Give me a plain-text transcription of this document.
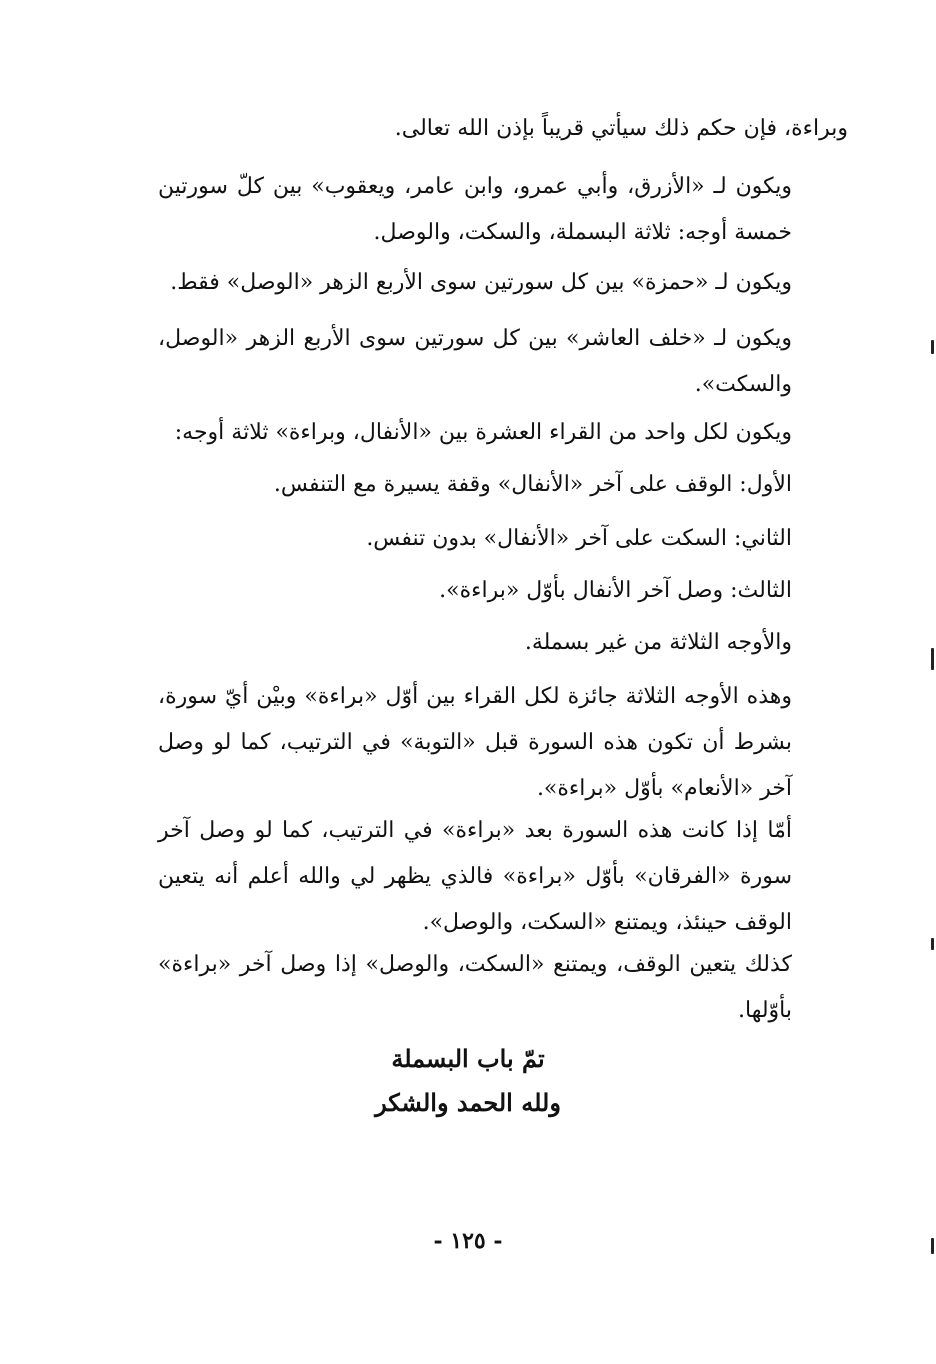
وبراءة، فإن حكم ذلك سيأتي قريباً بإذن الله تعالى.
ويكون لـ «الأزرق، وأبي عمرو، وابن عامر، ويعقوب» بين كلّ سورتين خمسة أوجه: ثلاثة البسملة، والسكت، والوصل.
ويكون لـ «حمزة» بين كل سورتين سوى الأربع الزهر «الوصل» فقط.
ويكون لـ «خلف العاشر» بين كل سورتين سوى الأربع الزهر «الوصل، والسكت».
ويكون لكل واحد من القراء العشرة بين «الأنفال، وبراءة» ثلاثة أوجه:
الأول: الوقف على آخر «الأنفال» وقفة يسيرة مع التنفس.
الثاني: السكت على آخر «الأنفال» بدون تنفس.
الثالث: وصل آخر الأنفال بأوّل «براءة».
والأوجه الثلاثة من غير بسملة.
وهذه الأوجه الثلاثة جائزة لكل القراء بين أوّل «براءة» وبيْن أيّ سورة، بشرط أن تكون هذه السورة قبل «التوبة» في الترتيب، كما لو وصل آخر «الأنعام» بأوّل «براءة».
أمّا إذا كانت هذه السورة بعد «براءة» في الترتيب، كما لو وصل آخر سورة «الفرقان» بأوّل «براءة» فالذي يظهر لي والله أعلم أنه يتعين الوقف حينئذ، ويمتنع «السكت، والوصل».
كذلك يتعين الوقف، ويمتنع «السكت، والوصل» إذا وصل آخر «براءة» بأوّلها.
تمّ باب البسملة
ولله الحمد والشكر
- ١٢٥ -
